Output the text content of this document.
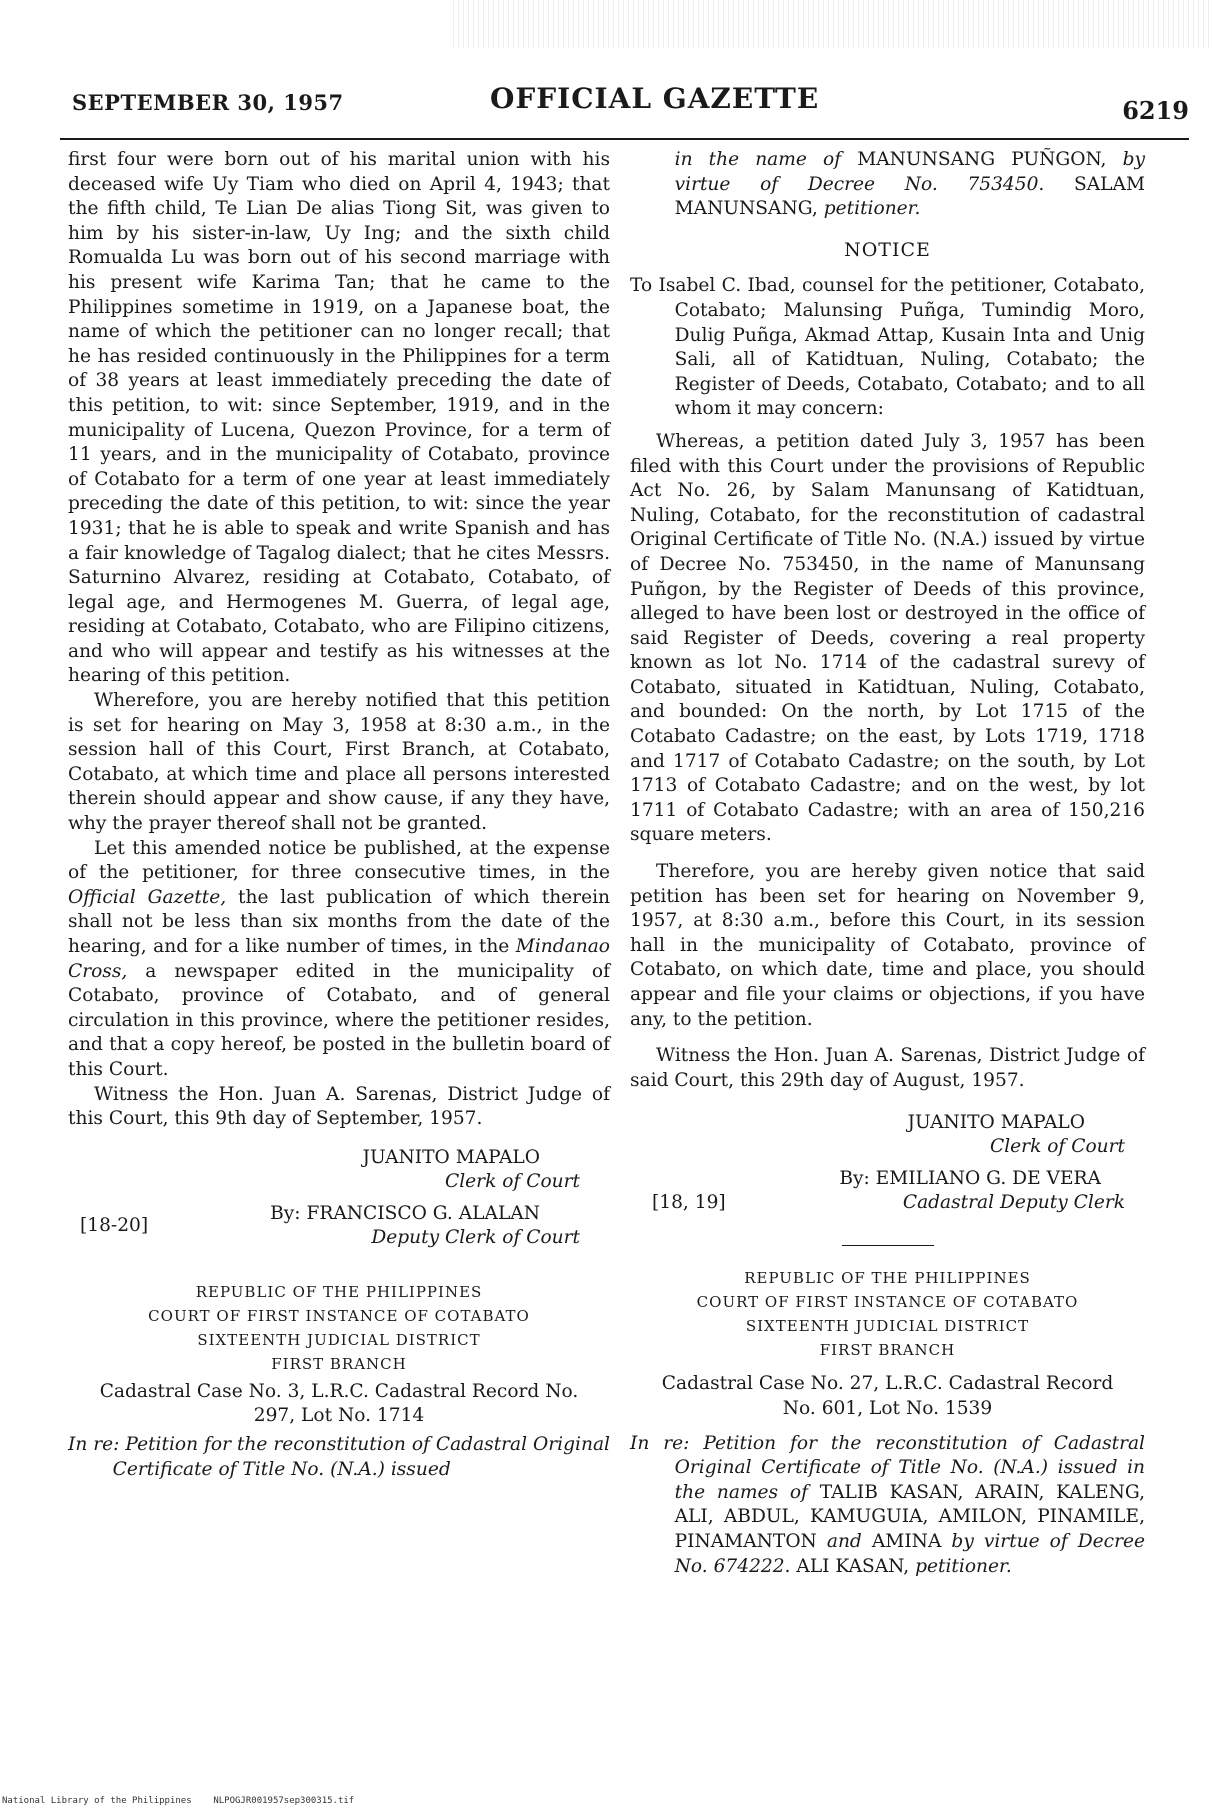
SEPTEMBER 30, 1957	OFFICIAL GAZETTE	6219

first four were born out of his marital union with his deceased wife Uy Tiam who died on April 4, 1943; that the fifth child, Te Lian De alias Tiong Sit, was given to him by his sister-in-law, Uy Ing; and the sixth child Romualda Lu was born out of his second marriage with his present wife Karima Tan; that he came to the Philippines sometime in 1919, on a Japanese boat, the name of which the petitioner can no longer recall; that he has resided continuously in the Philippines for a term of 38 years at least immediately preceding the date of this petition, to wit: since September, 1919, and in the municipality of Lucena, Quezon Province, for a term of 11 years, and in the municipality of Cotabato, province of Cotabato for a term of one year at least immediately preceding the date of this petition, to wit: since the year 1931; that he is able to speak and write Spanish and has a fair knowledge of Tagalog dialect; that he cites Messrs. Saturnino Alvarez, residing at Cotabato, Cotabato, of legal age, and Hermogenes M. Guerra, of legal age, residing at Cotabato, Cotabato, who are Filipino citizens, and who will appear and testify as his witnesses at the hearing of this petition.

Wherefore, you are hereby notified that this petition is set for hearing on May 3, 1958 at 8:30 a.m., in the session hall of this Court, First Branch, at Cotabato, Cotabato, at which time and place all persons interested therein should appear and show cause, if any they have, why the prayer thereof shall not be granted.

Let this amended notice be published, at the expense of the petitioner, for three consecutive times, in the Official Gazette, the last publication of which therein shall not be less than six months from the date of the hearing, and for a like number of times, in the Mindanao Cross, a newspaper edited in the municipality of Cotabato, province of Cotabato, and of general circulation in this province, where the petitioner resides, and that a copy hereof, be posted in the bulletin board of this Court.

Witness the Hon. Juan A. Sarenas, District Judge of this Court, this 9th day of September, 1957.

JUANITO MAPALO
Clerk of Court
By: FRANCISCO G. ALALAN
Deputy Clerk of Court
[18-20]
REPUBLIC OF THE PHILIPPINES
COURT OF FIRST INSTANCE OF COTABATO
SIXTEENTH JUDICIAL DISTRICT
FIRST BRANCH

Cadastral Case No. 3, L.R.C. Cadastral Record No. 297, Lot No. 1714

In re: Petition for the reconstitution of Cadastral Original Certificate of Title No. (N.A.) issued

in the name of MANUNSANG PUÑGON, by virtue of Decree No. 753450. SALAM MANUNSANG, petitioner.

NOTICE

To Isabel C. Ibad, counsel for the petitioner, Cotabato, Cotabato; Malunsing Puñga, Tumindig Moro, Dulig Puñga, Akmad Attap, Kusain Inta and Unig Sali, all of Katidtuan, Nuling, Cotabato; the Register of Deeds, Cotabato, Cotabato; and to all whom it may concern:

Whereas, a petition dated July 3, 1957 has been filed with this Court under the provisions of Republic Act No. 26, by Salam Manunsang of Katidtuan, Nuling, Cotabato, for the reconstitution of cadastral Original Certificate of Title No. (N.A.) issued by virtue of Decree No. 753450, in the name of Manunsang Puñgon, by the Register of Deeds of this province, alleged to have been lost or destroyed in the office of said Register of Deeds, covering a real property known as lot No. 1714 of the cadastral surevy of Cotabato, situated in Katidtuan, Nuling, Cotabato, and bounded: On the north, by Lot 1715 of the Cotabato Cadastre; on the east, by Lots 1719, 1718 and 1717 of Cotabato Cadastre; on the south, by Lot 1713 of Cotabato Cadastre; and on the west, by lot 1711 of Cotabato Cadastre; with an area of 150,216 square meters.

Therefore, you are hereby given notice that said petition has been set for hearing on November 9, 1957, at 8:30 a.m., before this Court, in its session hall in the municipality of Cotabato, province of Cotabato, on which date, time and place, you should appear and file your claims or objections, if you have any, to the petition.

Witness the Hon. Juan A. Sarenas, District Judge of said Court, this 29th day of August, 1957.

JUANITO MAPALO
Clerk of Court
By: EMILIANO G. DE VERA
Cadastral Deputy Clerk
[18, 19]
REPUBLIC OF THE PHILIPPINES
COURT OF FIRST INSTANCE OF COTABATO
SIXTEENTH JUDICIAL DISTRICT
FIRST BRANCH

Cadastral Case No. 27, L.R.C. Cadastral Record No. 601, Lot No. 1539

In re: Petition for the reconstitution of Cadastral Original Certificate of Title No. (N.A.) issued in the names of TALIB KASAN, ARAIN, KALENG, ALI, ABDUL, KAMUGUIA, AMILON, PINAMILE, PINAMANTON and AMINA by virtue of Decree No. 674222. ALI KASAN, petitioner.

National Library of the Philippines NLPOGJR001957sep300315.tif
